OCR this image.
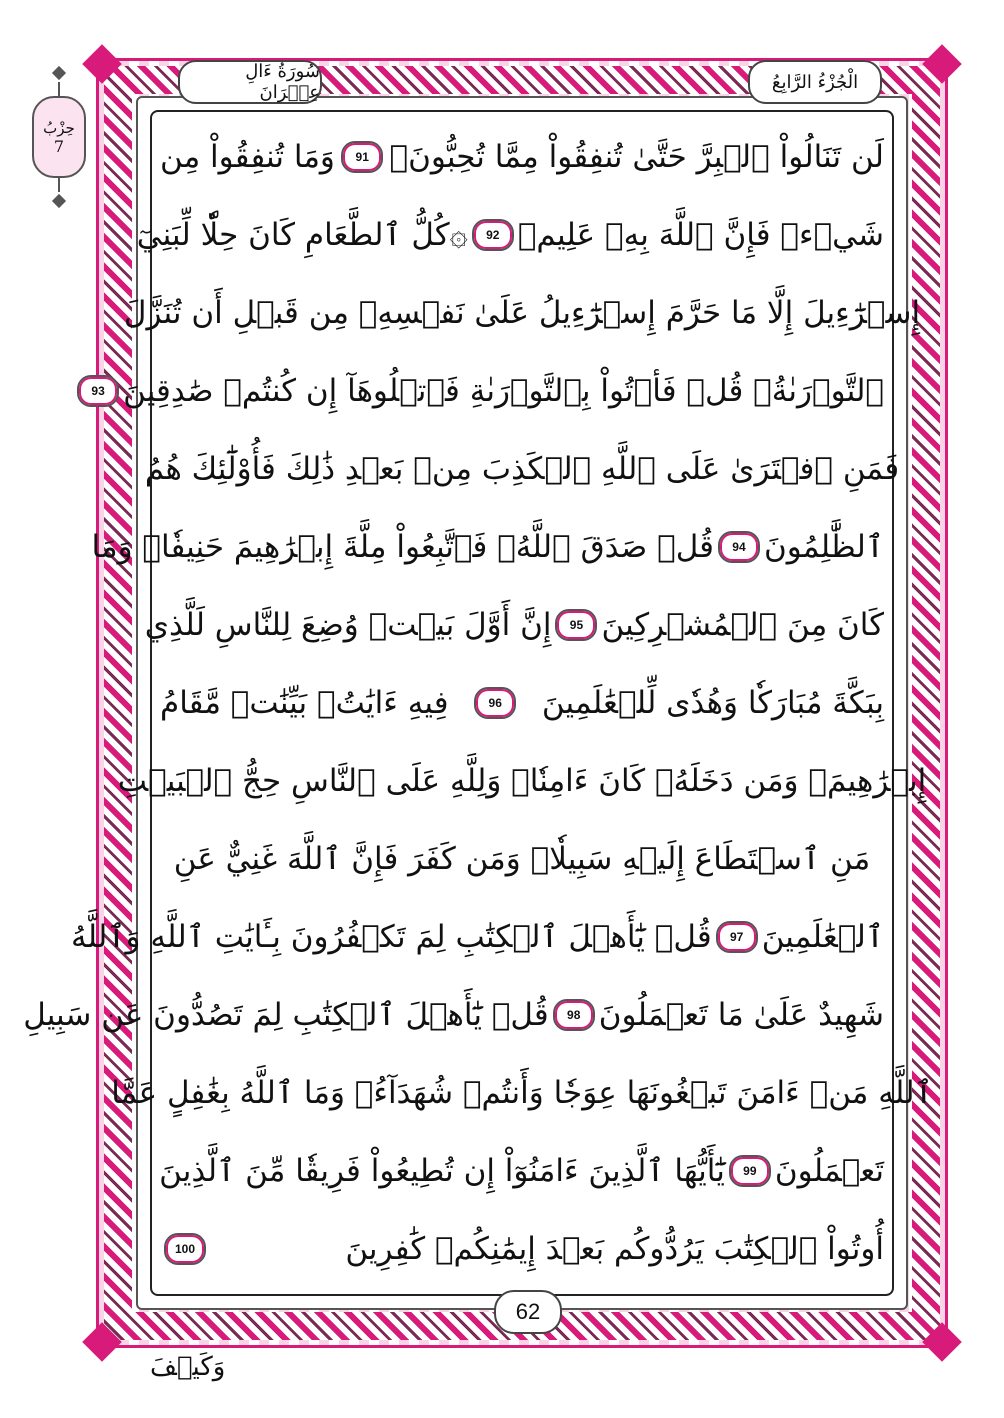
الْجُزْءُ الرَّابِعُ
سُورَةُ ءَالِ عِمۡرَانَ
حِزْبُ
7	لَن تَنَالُواْ ٱلۡبِرَّ حَتَّىٰ تُنفِقُواْ مِمَّا تُحِبُّونَۚ
91
وَمَا تُنفِقُواْ مِن
شَيۡءٖ فَإِنَّ ٱللَّهَ بِهِۦ عَلِيمٞ
92
۞كُلُّ ٱلطَّعَامِ كَانَ حِلّٗا لِّبَنِيٓ
إِسۡرَٰٓءِيلَ إِلَّا مَا حَرَّمَ إِسۡرَٰٓءِيلُ عَلَىٰ نَفۡسِهِۦ مِن قَبۡلِ أَن تُنَزَّلَ
ٱلتَّوۡرَىٰةُۚ قُلۡ فَأۡتُواْ بِٱلتَّوۡرَىٰةِ فَٱتۡلُوهَآ إِن كُنتُمۡ صَٰدِقِينَ
93
فَمَنِ ٱفۡتَرَىٰ عَلَى ٱللَّهِ ٱلۡكَذِبَ مِنۢ بَعۡدِ ذَٰلِكَ فَأُوْلَٰٓئِكَ هُمُ
ٱلظَّٰلِمُونَ
94
قُلۡ صَدَقَ ٱللَّهُۗ فَٱتَّبِعُواْ مِلَّةَ إِبۡرَٰهِيمَ حَنِيفٗاۖ وَمَا
كَانَ مِنَ ٱلۡمُشۡرِكِينَ
95
إِنَّ أَوَّلَ بَيۡتٖ وُضِعَ لِلنَّاسِ لَلَّذِي
بِبَكَّةَ مُبَارَكٗا وَهُدٗى لِّلۡعَٰلَمِينَ
96
فِيهِ ءَايَٰتُۢ بَيِّنَٰتٞ مَّقَامُ
إِبۡرَٰهِيمَۖ وَمَن دَخَلَهُۥ كَانَ ءَامِنٗاۗ وَلِلَّهِ عَلَى ٱلنَّاسِ حِجُّ ٱلۡبَيۡتِ
مَنِ ٱسۡتَطَاعَ إِلَيۡهِ سَبِيلٗاۚ وَمَن كَفَرَ فَإِنَّ ٱللَّهَ غَنِيٌّ عَنِ
ٱلۡعَٰلَمِينَ
97
قُلۡ يَٰٓأَهۡلَ ٱلۡكِتَٰبِ لِمَ تَكۡفُرُونَ بِـَٔايَٰتِ ٱللَّهِ وَٱللَّهُ
شَهِيدٌ عَلَىٰ مَا تَعۡمَلُونَ
98
قُلۡ يَٰٓأَهۡلَ ٱلۡكِتَٰبِ لِمَ تَصُدُّونَ عَن سَبِيلِ
ٱللَّهِ مَنۡ ءَامَنَ تَبۡغُونَهَا عِوَجٗا وَأَنتُمۡ شُهَدَآءُۗ وَمَا ٱللَّهُ بِغَٰفِلٍ عَمَّا
تَعۡمَلُونَ
99
يَٰٓأَيُّهَا ٱلَّذِينَ ءَامَنُوٓاْ إِن تُطِيعُواْ فَرِيقٗا مِّنَ ٱلَّذِينَ
أُوتُواْ ٱلۡكِتَٰبَ يَرُدُّوكُم بَعۡدَ إِيمَٰنِكُمۡ كَٰفِرِينَ
100
62
وَكَيۡفَ
